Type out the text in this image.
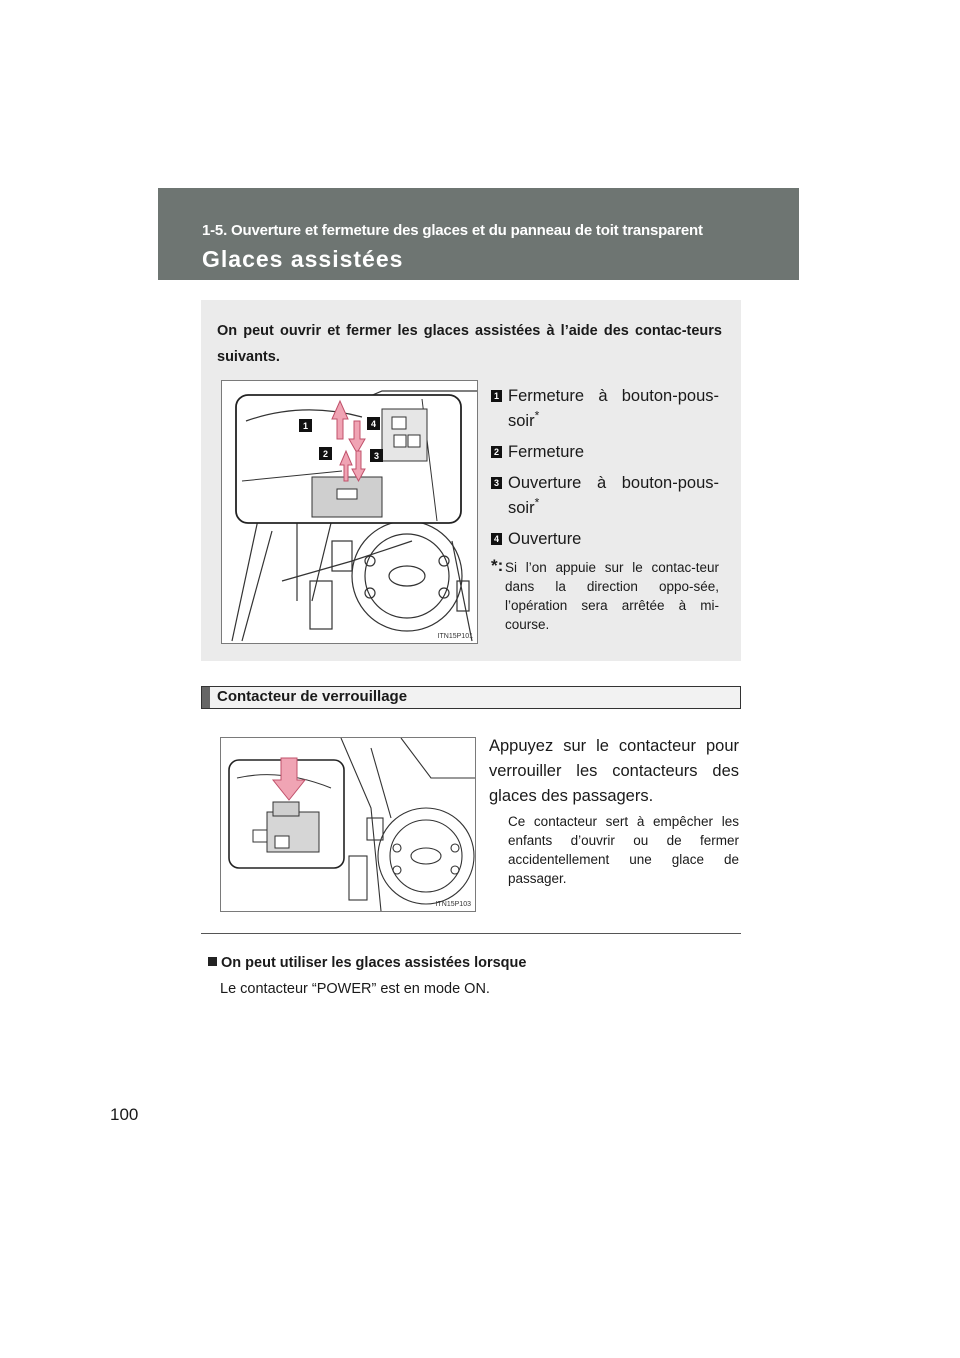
1-5. Ouverture et fermeture des glaces et du panneau de toit transparent
Glaces assistées
On peut ouvrir et fermer les glaces assistées à l’aide des contac-teurs suivants.
1
2	3
4
ITN15P101
1 Fermeture à bouton-pous-soir*
2 Fermeture
3 Ouverture à bouton-pous-soir*
4 Ouverture
*: Si l’on appuie sur le contac-teur dans la direction oppo-sée, l’opération sera arrêtée à mi-course.
Contacteur de verrouillage
ITN15P103
Appuyez sur le contacteur pour verrouiller les contacteurs des glaces des passagers.
Ce contacteur sert à empêcher les enfants d’ouvrir ou de fermer accidentellement une glace de passager.
On peut utiliser les glaces assistées lorsque
Le contacteur “POWER” est en mode ON.
100
